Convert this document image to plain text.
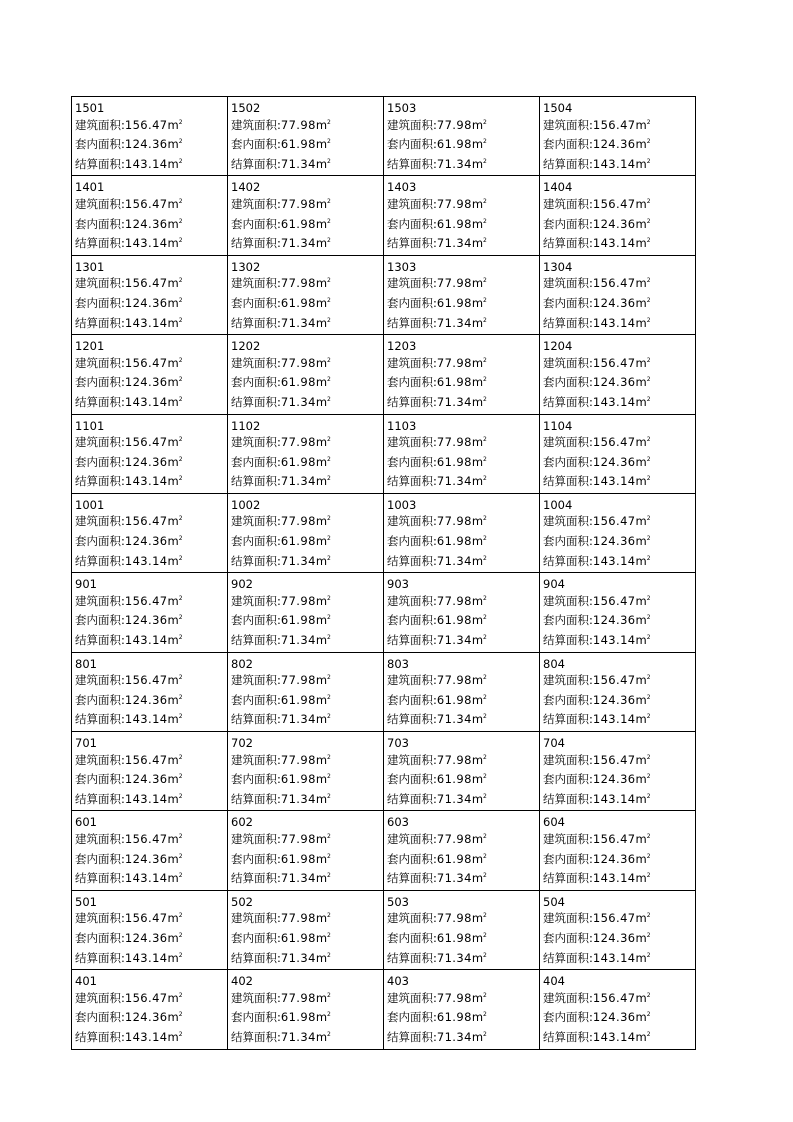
1501
建筑面积$:156.47m^2$
套内面积$:124.36m^2$
结算面积$:143.14m^2$	1502
建筑面积$:77.98m^2$
套内面积$:61.98m^2$
结算面积$:71.34m^2$	1503
建筑面积$:77.98m^2$
套内面积$:61.98m^2$
结算面积$:71.34m^2$	1504
建筑面积$:156.47m^2$
套内面积$:124.36m^2$
结算面积$:143.14m^2$

1401
建筑面积$:156.47m^2$
套内面积$:124.36m^2$
结算面积$:143.14m^2$	1402
建筑面积$:77.98m^2$
套内面积$:61.98m^2$
结算面积$:71.34m^2$	1403
建筑面积$:77.98m^2$
套内面积$:61.98m^2$
结算面积$:71.34m^2$	1404
建筑面积$:156.47m^2$
套内面积$:124.36m^2$
结算面积$:143.14m^2$

1301
建筑面积$:156.47m^2$
套内面积$:124.36m^2$
结算面积$:143.14m^2$	1302
建筑面积$:77.98m^2$
套内面积$:61.98m^2$
结算面积$:71.34m^2$	1303
建筑面积$:77.98m^2$
套内面积$:61.98m^2$
结算面积$:71.34m^2$	1304
建筑面积$:156.47m^2$
套内面积$:124.36m^2$
结算面积$:143.14m^2$

1201
建筑面积$:156.47m^2$
套内面积$:124.36m^2$
结算面积$:143.14m^2$	1202
建筑面积$:77.98m^2$
套内面积$:61.98m^2$
结算面积$:71.34m^2$	1203
建筑面积$:77.98m^2$
套内面积$:61.98m^2$
结算面积$:71.34m^2$	1204
建筑面积$:156.47m^2$
套内面积$:124.36m^2$
结算面积$:143.14m^2$

1101
建筑面积$:156.47m^2$
套内面积$:124.36m^2$
结算面积$:143.14m^2$	1102
建筑面积$:77.98m^2$
套内面积$:61.98m^2$
结算面积$:71.34m^2$	1103
建筑面积$:77.98m^2$
套内面积$:61.98m^2$
结算面积$:71.34m^2$	1104
建筑面积$:156.47m^2$
套内面积$:124.36m^2$
结算面积$:143.14m^2$

1001
建筑面积$:156.47m^2$
套内面积$:124.36m^2$
结算面积$:143.14m^2$	1002
建筑面积$:77.98m^2$
套内面积$:61.98m^2$
结算面积$:71.34m^2$	1003
建筑面积$:77.98m^2$
套内面积$:61.98m^2$
结算面积$:71.34m^2$	1004
建筑面积$:156.47m^2$
套内面积$:124.36m^2$
结算面积$:143.14m^2$

901
建筑面积$:156.47m^2$
套内面积$:124.36m^2$
结算面积$:143.14m^2$	902
建筑面积$:77.98m^2$
套内面积$:61.98m^2$
结算面积$:71.34m^2$	903
建筑面积$:77.98m^2$
套内面积$:61.98m^2$
结算面积$:71.34m^2$	904
建筑面积$:156.47m^2$
套内面积$:124.36m^2$
结算面积$:143.14m^2$

801
建筑面积$:156.47m^2$
套内面积$:124.36m^2$
结算面积$:143.14m^2$	802
建筑面积$:77.98m^2$
套内面积$:61.98m^2$
结算面积$:71.34m^2$	803
建筑面积$:77.98m^2$
套内面积$:61.98m^2$
结算面积$:71.34m^2$	804
建筑面积$:156.47m^2$
套内面积$:124.36m^2$
结算面积$:143.14m^2$

701
建筑面积$:156.47m^2$
套内面积$:124.36m^2$
结算面积$:143.14m^2$	702
建筑面积$:77.98m^2$
套内面积$:61.98m^2$
结算面积$:71.34m^2$	703
建筑面积$:77.98m^2$
套内面积$:61.98m^2$
结算面积$:71.34m^2$	704
建筑面积$:156.47m^2$
套内面积$:124.36m^2$
结算面积$:143.14m^2$

601
建筑面积$:156.47m^2$
套内面积$:124.36m^2$
结算面积$:143.14m^2$	602
建筑面积$:77.98m^2$
套内面积$:61.98m^2$
结算面积$:71.34m^2$	603
建筑面积$:77.98m^2$
套内面积$:61.98m^2$
结算面积$:71.34m^2$	604
建筑面积$:156.47m^2$
套内面积$:124.36m^2$
结算面积$:143.14m^2$

501
建筑面积$:156.47m^2$
套内面积$:124.36m^2$
结算面积$:143.14m^2$	502
建筑面积$:77.98m^2$
套内面积$:61.98m^2$
结算面积$:71.34m^2$	503
建筑面积$:77.98m^2$
套内面积$:61.98m^2$
结算面积$:71.34m^2$	504
建筑面积$:156.47m^2$
套内面积$:124.36m^2$
结算面积$:143.14m^2$

401
建筑面积$:156.47m^2$
套内面积$:124.36m^2$
结算面积$:143.14m^2$	402
建筑面积$:77.98m^2$
套内面积$:61.98m^2$
结算面积$:71.34m^2$	403
建筑面积$:77.98m^2$
套内面积$:61.98m^2$
结算面积$:71.34m^2$	404
建筑面积$:156.47m^2$
套内面积$:124.36m^2$
结算面积$:143.14m^2$
